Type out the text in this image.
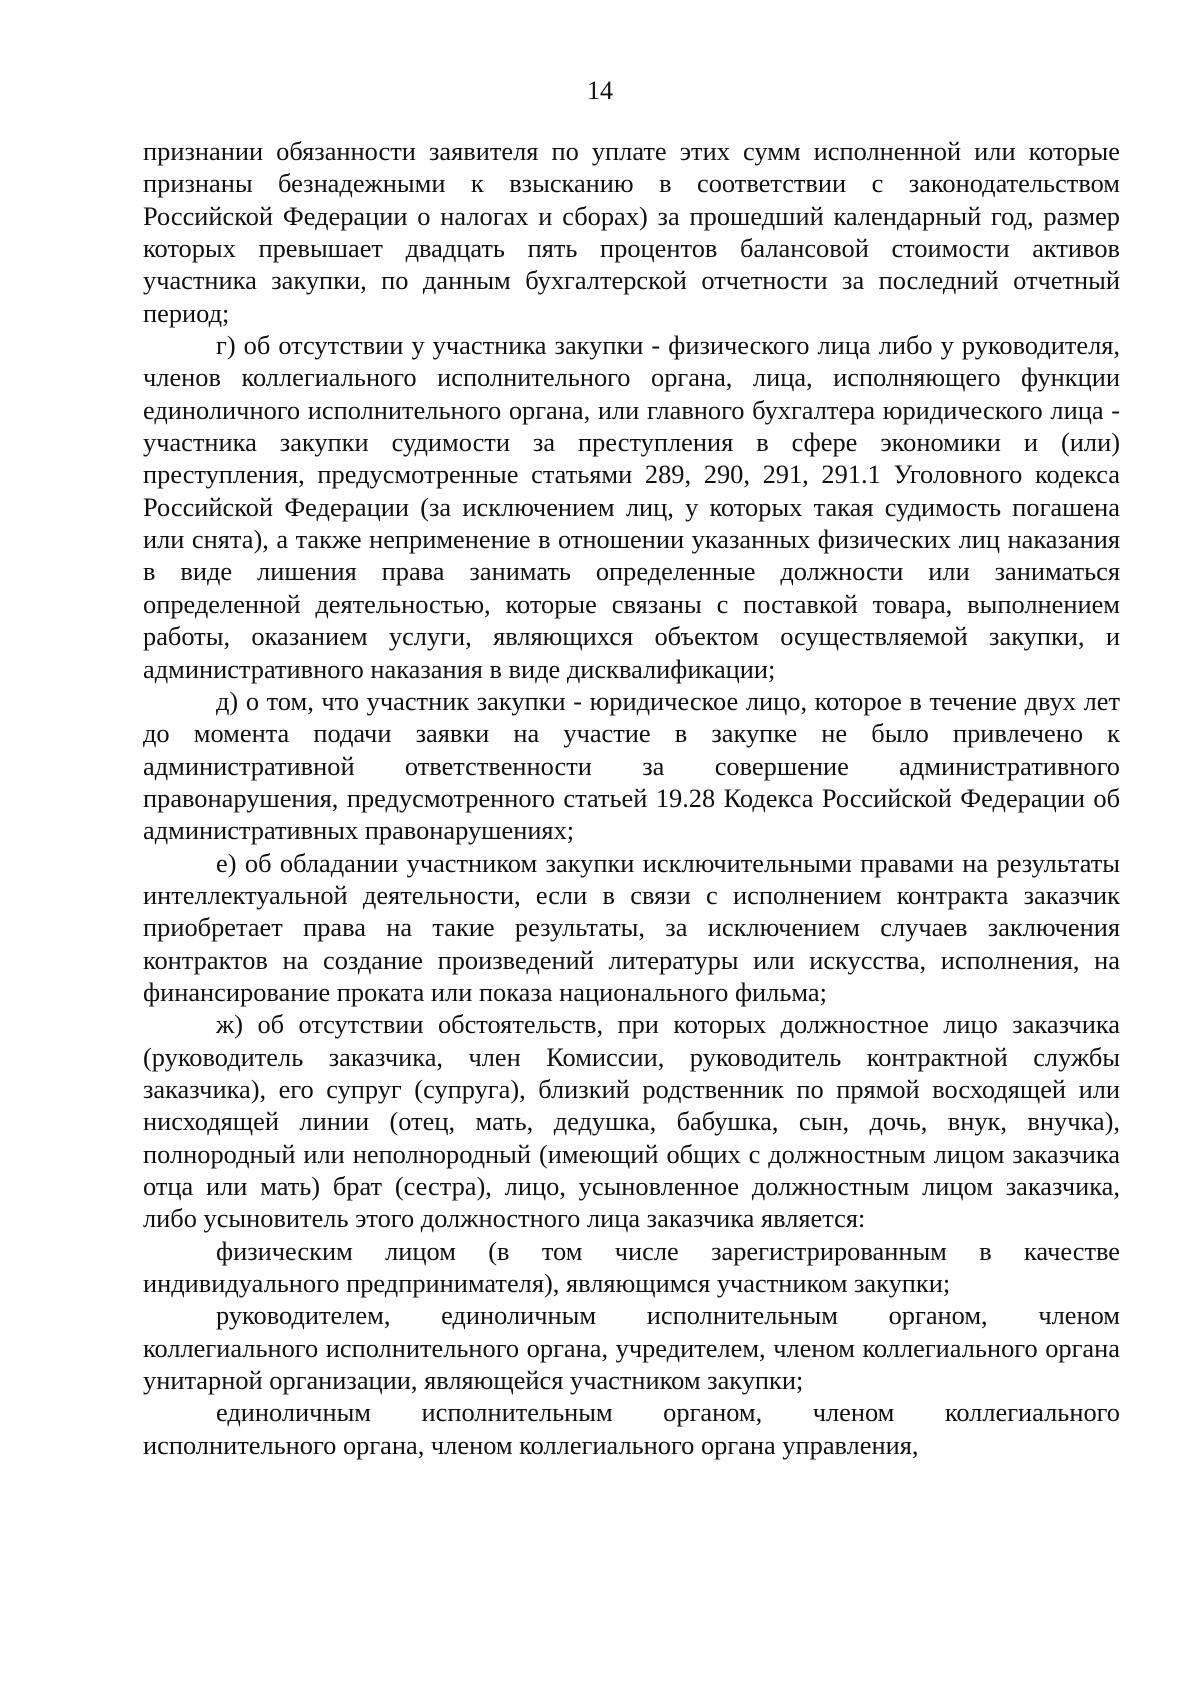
14

признании обязанности заявителя по уплате этих сумм исполненной или которые признаны безнадежными к взысканию в соответствии с законодательством Российской Федерации о налогах и сборах) за прошедший календарный год, размер которых превышает двадцать пять процентов балансовой стоимости активов участника закупки, по данным бухгалтерской отчетности за последний отчетный период;

г) об отсутствии у участника закупки - физического лица либо у руководителя, членов коллегиального исполнительного органа, лица, исполняющего функции единоличного исполнительного органа, или главного бухгалтера юридического лица - участника закупки судимости за преступления в сфере экономики и (или) преступления, предусмотренные статьями 289, 290, 291, 291.1 Уголовного кодекса Российской Федерации (за исключением лиц, у которых такая судимость погашена или снята), а также неприменение в отношении указанных физических лиц наказания в виде лишения права занимать определенные должности или заниматься определенной деятельностью, которые связаны с поставкой товара, выполнением работы, оказанием услуги, являющихся объектом осуществляемой закупки, и административного наказания в виде дисквалификации;

д) о том, что участник закупки - юридическое лицо, которое в течение двух лет до момента подачи заявки на участие в закупке не было привлечено к административной ответственности за совершение административного правонарушения, предусмотренного статьей 19.28 Кодекса Российской Федерации об административных правонарушениях;

е) об обладании участником закупки исключительными правами на результаты интеллектуальной деятельности, если в связи с исполнением контракта заказчик приобретает права на такие результаты, за исключением случаев заключения контрактов на создание произведений литературы или искусства, исполнения, на финансирование проката или показа национального фильма;

ж) об отсутствии обстоятельств, при которых должностное лицо заказчика (руководитель заказчика, член Комиссии, руководитель контрактной службы заказчика), его супруг (супруга), близкий родственник по прямой восходящей или нисходящей линии (отец, мать, дедушка, бабушка, сын, дочь, внук, внучка), полнородный или неполнородный (имеющий общих с должностным лицом заказчика отца или мать) брат (сестра), лицо, усыновленное должностным лицом заказчика, либо усыновитель этого должностного лица заказчика является:

физическим лицом (в том числе зарегистрированным в качестве индивидуального предпринимателя), являющимся участником закупки;

руководителем, единоличным исполнительным органом, членом коллегиального исполнительного органа, учредителем, членом коллегиального органа унитарной организации, являющейся участником закупки;

единоличным исполнительным органом, членом коллегиального исполнительного органа, членом коллегиального органа управления,
